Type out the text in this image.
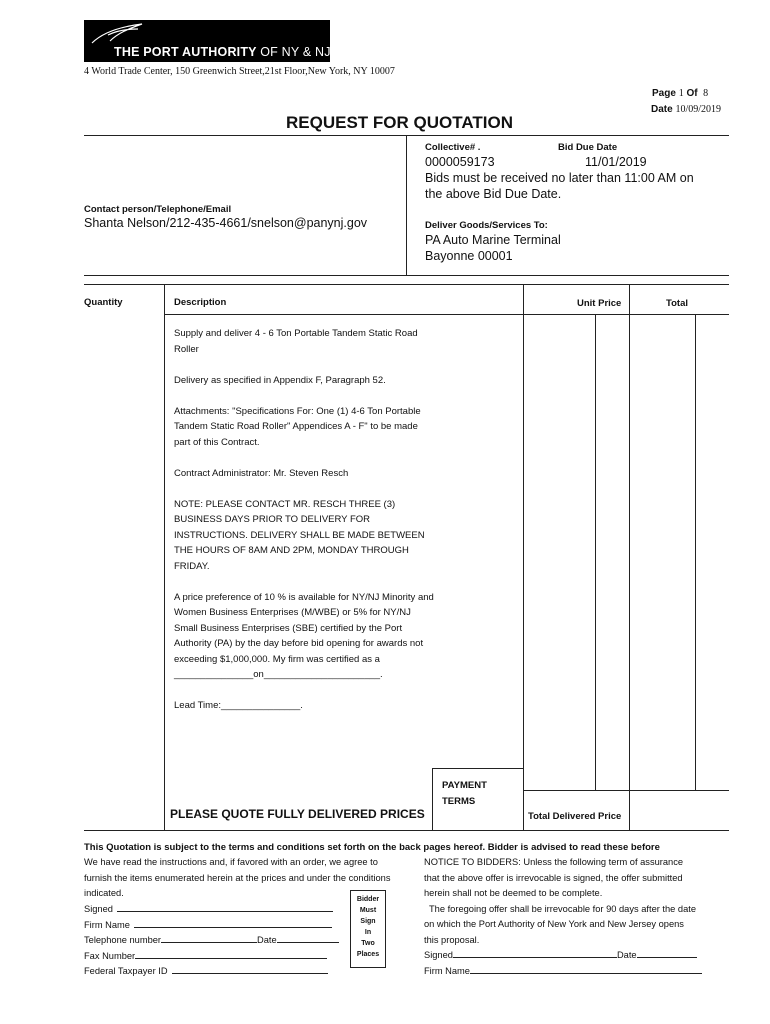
THE PORT AUTHORITY OF NY & NJ
4 World Trade Center, 150 Greenwich Street,21st Floor,New York, NY 10007
Page 1 Of 8
Date 10/09/2019
REQUEST FOR QUOTATION
Collective# .	Bid Due Date
0000059173	11/01/2019
Bids must be received no later than 11:00 AM on
the above Bid Due Date.
Contact person/Telephone/Email
Shanta Nelson/212-435-4661/snelson@panynj.gov	Deliver Goods/Services To:
PA Auto Marine Terminal
Bayonne 00001
Quantity	Description	Unit Price	Total
Supply and deliver 4 - 6 Ton Portable Tandem Static Road
Roller
Delivery as specified in Appendix F, Paragraph 52.
Attachments: "Specifications For: One (1) 4-6 Ton Portable
Tandem Static Road Roller" Appendices A - F" to be made
part of this Contract.
Contract Administrator: Mr. Steven Resch
NOTE: PLEASE CONTACT MR. RESCH THREE (3)
BUSINESS DAYS PRIOR TO DELIVERY FOR
INSTRUCTIONS. DELIVERY SHALL BE MADE BETWEEN
THE HOURS OF 8AM AND 2PM, MONDAY THROUGH
FRIDAY.
A price preference of 10 % is available for NY/NJ Minority and
Women Business Enterprises (M/WBE) or 5% for NY/NJ
Small Business Enterprises (SBE) certified by the Port
Authority (PA) by the day before bid opening for awards not
exceeding $1,000,000. My firm was certified as a
_______________on______________________.
Lead Time:_______________.
PAYMENT
TERMS
PLEASE QUOTE FULLY DELIVERED PRICES	Total Delivered Price
This Quotation is subject to the terms and conditions set forth on the back pages hereof. Bidder is advised to read these before
We have read the instructions and, if favored with an order, we agree to
furnish the items enumerated herein at the prices and under the conditions
indicated.
Signed
Firm Name
Telephone number	Date
Fax Number
Federal Taxpayer ID
Bidder
Must
Sign
In
Two
Places
NOTICE TO BIDDERS: Unless the following term of assurance
that the above offer is irrevocable is signed, the offer submitted
herein shall not be deemed to be complete.
The foregoing offer shall be irrevocable for 90 days after the date
on which the Port Authority of New York and New Jersey opens
this proposal.
Signed	Date
Firm Name
